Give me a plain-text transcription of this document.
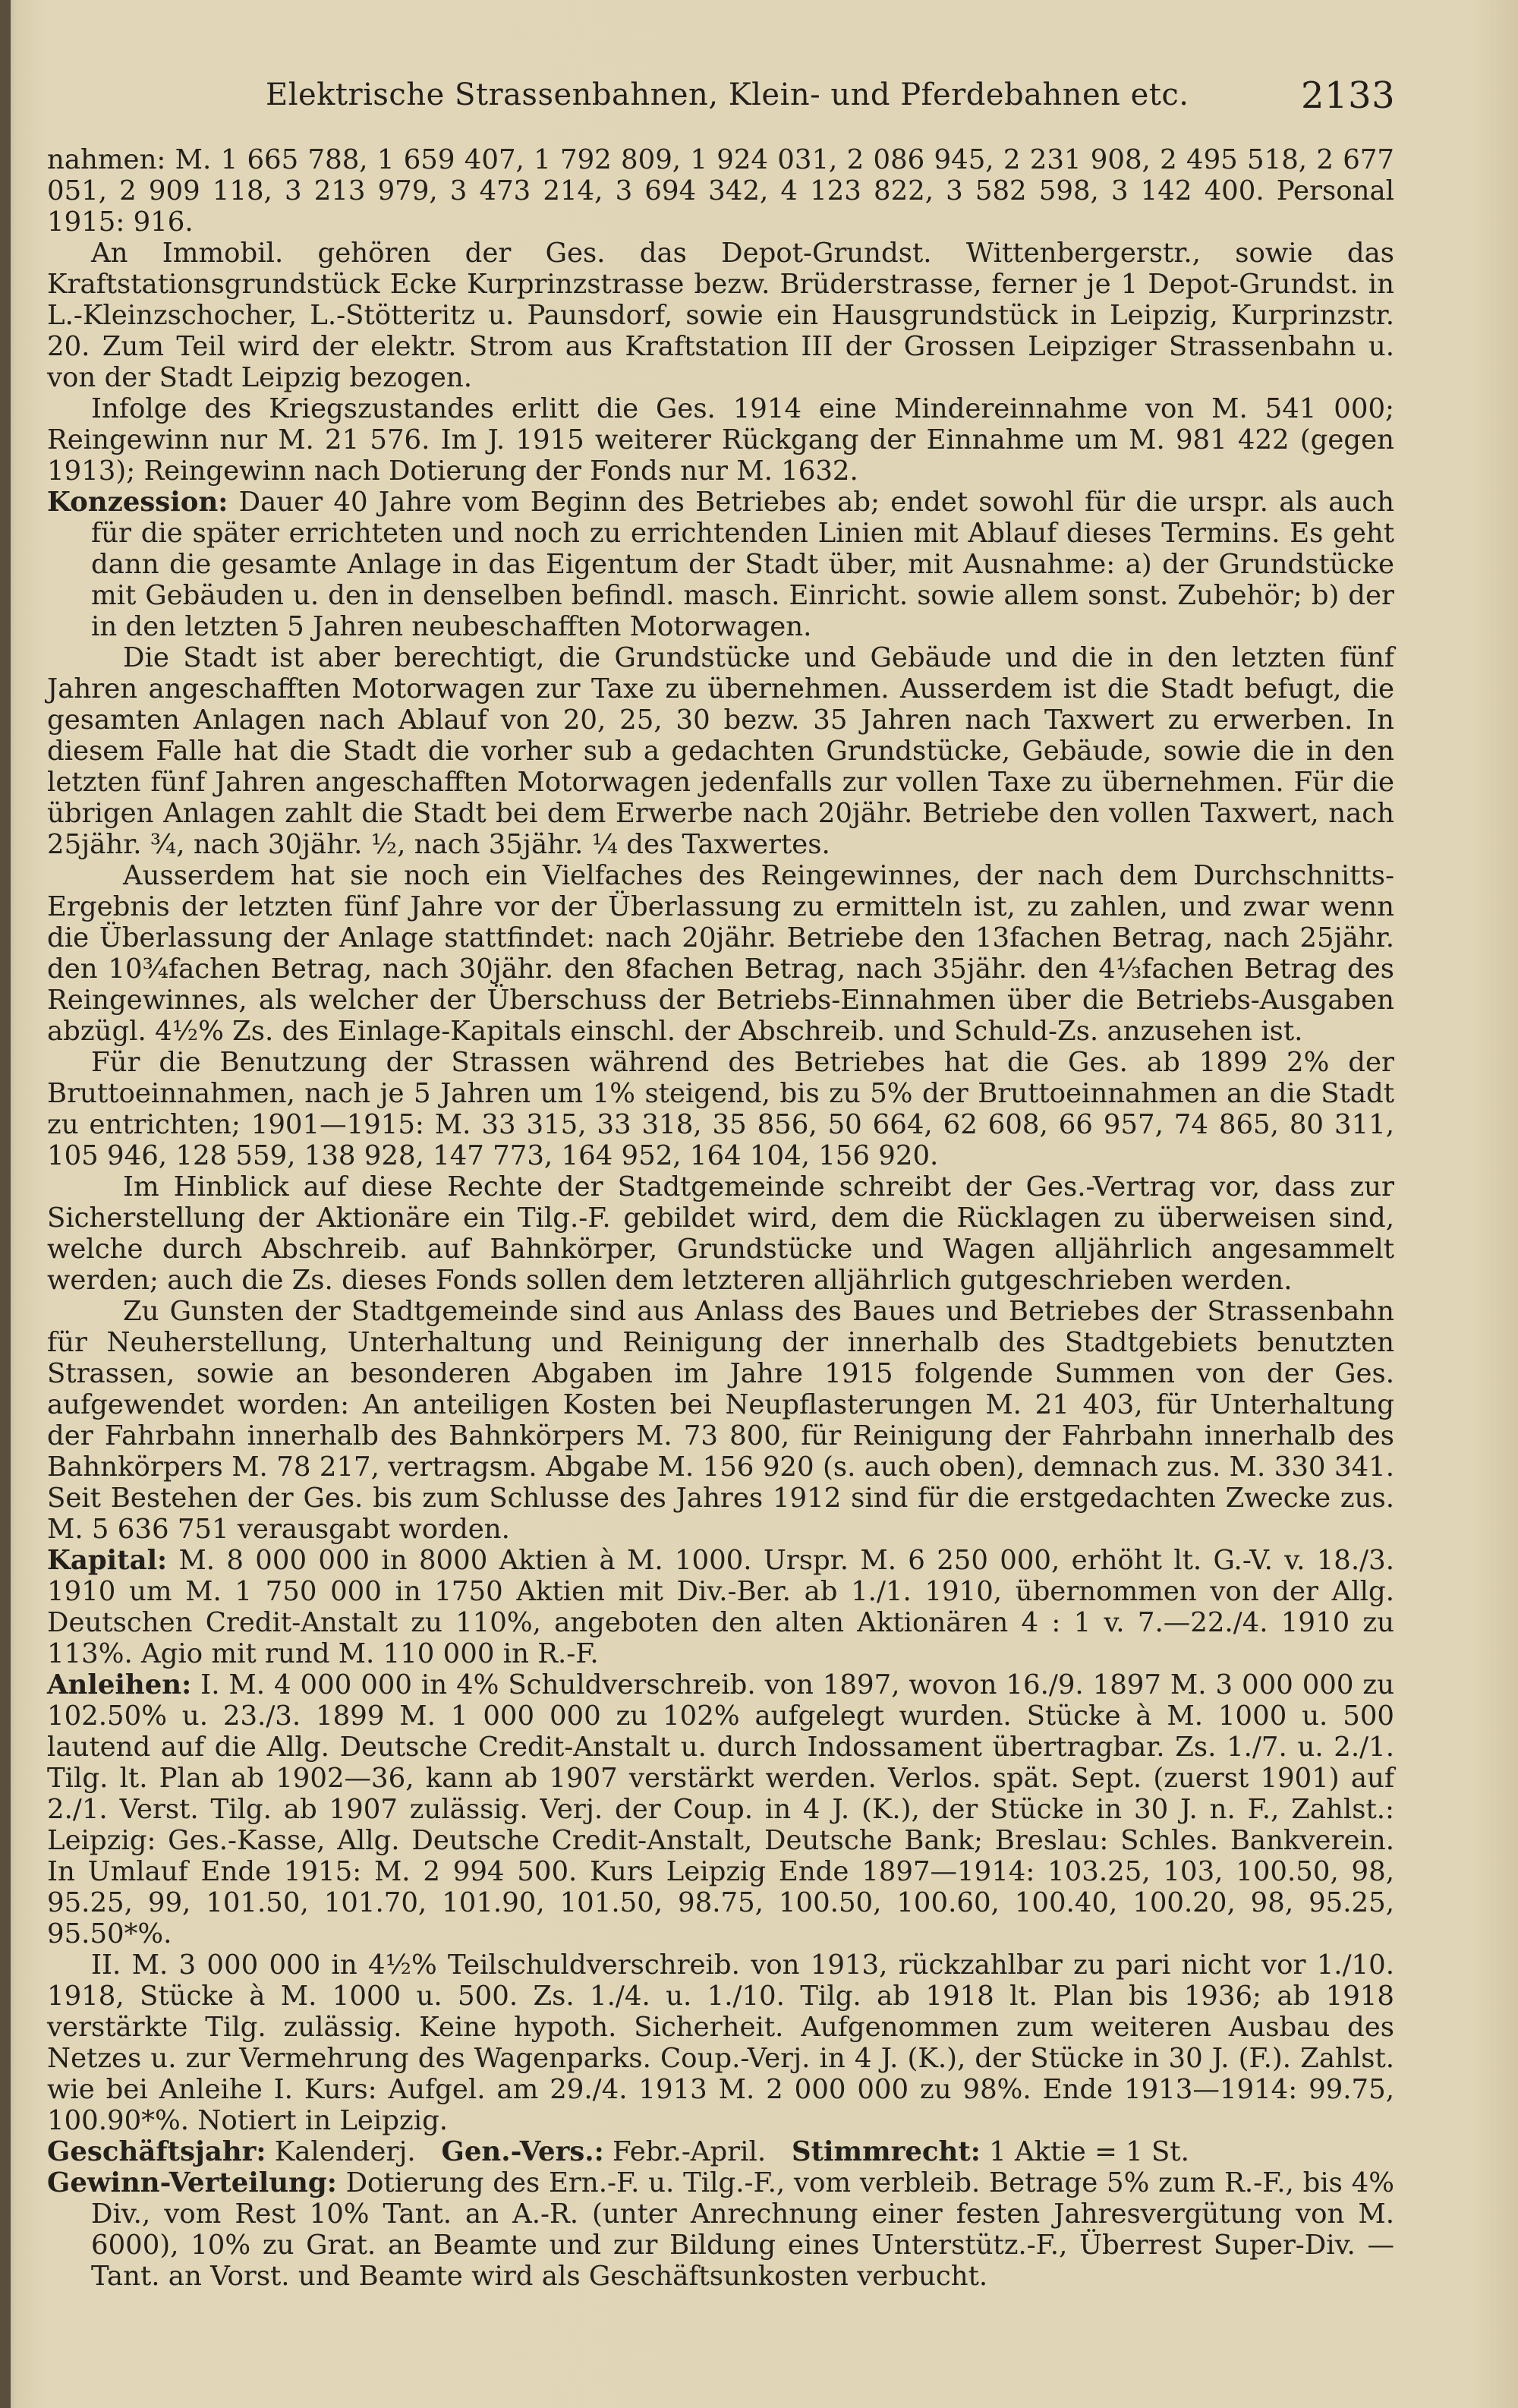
Elektrische Strassenbahnen, Klein- und Pferdebahnen etc.	2133

nahmen: M. 1 665 788, 1 659 407, 1 792 809, 1 924 031, 2 086 945, 2 231 908, 2 495 518, 2 677 051, 2 909 118, 3 213 979, 3 473 214, 3 694 342, 4 123 822, 3 582 598, 3 142 400. Personal 1915: 916.

An Immobil. gehören der Ges. das Depot-Grundst. Wittenbergerstr., sowie das Kraftstationsgrundstück Ecke Kurprinzstrasse bezw. Brüderstrasse, ferner je 1 Depot-Grundst. in L.-Kleinzschocher, L.-Stötteritz u. Paunsdorf, sowie ein Hausgrundstück in Leipzig, Kurprinzstr. 20. Zum Teil wird der elektr. Strom aus Kraftstation III der Grossen Leipziger Strassenbahn u. von der Stadt Leipzig bezogen.

Infolge des Kriegszustandes erlitt die Ges. 1914 eine Mindereinnahme von M. 541 000; Reingewinn nur M. 21 576. Im J. 1915 weiterer Rückgang der Einnahme um M. 981 422 (gegen 1913); Reingewinn nach Dotierung der Fonds nur M. 1632.

Konzession: Dauer 40 Jahre vom Beginn des Betriebes ab; endet sowohl für die urspr. als auch für die später errichteten und noch zu errichtenden Linien mit Ablauf dieses Termins. Es geht dann die gesamte Anlage in das Eigentum der Stadt über, mit Ausnahme: a) der Grundstücke mit Gebäuden u. den in denselben befindl. masch. Einricht. sowie allem sonst. Zubehör; b) der in den letzten 5 Jahren neubeschafften Motorwagen.

Die Stadt ist aber berechtigt, die Grundstücke und Gebäude und die in den letzten fünf Jahren angeschafften Motorwagen zur Taxe zu übernehmen. Ausserdem ist die Stadt befugt, die gesamten Anlagen nach Ablauf von 20, 25, 30 bezw. 35 Jahren nach Taxwert zu erwerben. In diesem Falle hat die Stadt die vorher sub a gedachten Grundstücke, Gebäude, sowie die in den letzten fünf Jahren angeschafften Motorwagen jedenfalls zur vollen Taxe zu übernehmen. Für die übrigen Anlagen zahlt die Stadt bei dem Erwerbe nach 20jähr. Betriebe den vollen Taxwert, nach 25jähr. ¾, nach 30jähr. ½, nach 35jähr. ¼ des Taxwertes.

Ausserdem hat sie noch ein Vielfaches des Reingewinnes, der nach dem Durchschnitts-Ergebnis der letzten fünf Jahre vor der Überlassung zu ermitteln ist, zu zahlen, und zwar wenn die Überlassung der Anlage stattfindet: nach 20jähr. Betriebe den 13fachen Betrag, nach 25jähr. den 10¾fachen Betrag, nach 30jähr. den 8fachen Betrag, nach 35jähr. den 4⅓fachen Betrag des Reingewinnes, als welcher der Überschuss der Betriebs-Einnahmen über die Betriebs-Ausgaben abzügl. 4½% Zs. des Einlage-Kapitals einschl. der Abschreib. und Schuld-Zs. anzusehen ist.

Für die Benutzung der Strassen während des Betriebes hat die Ges. ab 1899 2% der Bruttoeinnahmen, nach je 5 Jahren um 1% steigend, bis zu 5% der Bruttoeinnahmen an die Stadt zu entrichten; 1901—1915: M. 33 315, 33 318, 35 856, 50 664, 62 608, 66 957, 74 865, 80 311, 105 946, 128 559, 138 928, 147 773, 164 952, 164 104, 156 920.

Im Hinblick auf diese Rechte der Stadtgemeinde schreibt der Ges.-Vertrag vor, dass zur Sicherstellung der Aktionäre ein Tilg.-F. gebildet wird, dem die Rücklagen zu überweisen sind, welche durch Abschreib. auf Bahnkörper, Grundstücke und Wagen alljährlich angesammelt werden; auch die Zs. dieses Fonds sollen dem letzteren alljährlich gutgeschrieben werden.

Zu Gunsten der Stadtgemeinde sind aus Anlass des Baues und Betriebes der Strassenbahn für Neuherstellung, Unterhaltung und Reinigung der innerhalb des Stadtgebiets benutzten Strassen, sowie an besonderen Abgaben im Jahre 1915 folgende Summen von der Ges. aufgewendet worden: An anteiligen Kosten bei Neupflasterungen M. 21 403, für Unterhaltung der Fahrbahn innerhalb des Bahnkörpers M. 73 800, für Reinigung der Fahrbahn innerhalb des Bahnkörpers M. 78 217, vertragsm. Abgabe M. 156 920 (s. auch oben), demnach zus. M. 330 341. Seit Bestehen der Ges. bis zum Schlusse des Jahres 1912 sind für die erstgedachten Zwecke zus. M. 5 636 751 verausgabt worden.

Kapital: M. 8 000 000 in 8000 Aktien à M. 1000. Urspr. M. 6 250 000, erhöht lt. G.-V. v. 18./3. 1910 um M. 1 750 000 in 1750 Aktien mit Div.-Ber. ab 1./1. 1910, übernommen von der Allg. Deutschen Credit-Anstalt zu 110%, angeboten den alten Aktionären 4 : 1 v. 7.—22./4. 1910 zu 113%. Agio mit rund M. 110 000 in R.-F.

Anleihen: I. M. 4 000 000 in 4% Schuldverschreib. von 1897, wovon 16./9. 1897 M. 3 000 000 zu 102.50% u. 23./3. 1899 M. 1 000 000 zu 102% aufgelegt wurden. Stücke à M. 1000 u. 500 lautend auf die Allg. Deutsche Credit-Anstalt u. durch Indossament übertragbar. Zs. 1./7. u. 2./1. Tilg. lt. Plan ab 1902—36, kann ab 1907 verstärkt werden. Verlos. spät. Sept. (zuerst 1901) auf 2./1. Verst. Tilg. ab 1907 zulässig. Verj. der Coup. in 4 J. (K.), der Stücke in 30 J. n. F., Zahlst.: Leipzig: Ges.-Kasse, Allg. Deutsche Credit-Anstalt, Deutsche Bank; Breslau: Schles. Bankverein. In Umlauf Ende 1915: M. 2 994 500. Kurs Leipzig Ende 1897—1914: 103.25, 103, 100.50, 98, 95.25, 99, 101.50, 101.70, 101.90, 101.50, 98.75, 100.50, 100.60, 100.40, 100.20, 98, 95.25, 95.50*%.

II. M. 3 000 000 in 4½% Teilschuldverschreib. von 1913, rückzahlbar zu pari nicht vor 1./10. 1918, Stücke à M. 1000 u. 500. Zs. 1./4. u. 1./10. Tilg. ab 1918 lt. Plan bis 1936; ab 1918 verstärkte Tilg. zulässig. Keine hypoth. Sicherheit. Aufgenommen zum weiteren Ausbau des Netzes u. zur Vermehrung des Wagenparks. Coup.-Verj. in 4 J. (K.), der Stücke in 30 J. (F.). Zahlst. wie bei Anleihe I. Kurs: Aufgel. am 29./4. 1913 M. 2 000 000 zu 98%. Ende 1913—1914: 99.75, 100.90*%. Notiert in Leipzig.

Geschäftsjahr: Kalenderj. Gen.-Vers.: Febr.-April. Stimmrecht: 1 Aktie = 1 St.

Gewinn-Verteilung: Dotierung des Ern.-F. u. Tilg.-F., vom verbleib. Betrage 5% zum R.-F., bis 4% Div., vom Rest 10% Tant. an A.-R. (unter Anrechnung einer festen Jahresvergütung von M. 6000), 10% zu Grat. an Beamte und zur Bildung eines Unterstütz.-F., Überrest Super-Div. — Tant. an Vorst. und Beamte wird als Geschäftsunkosten verbucht.
